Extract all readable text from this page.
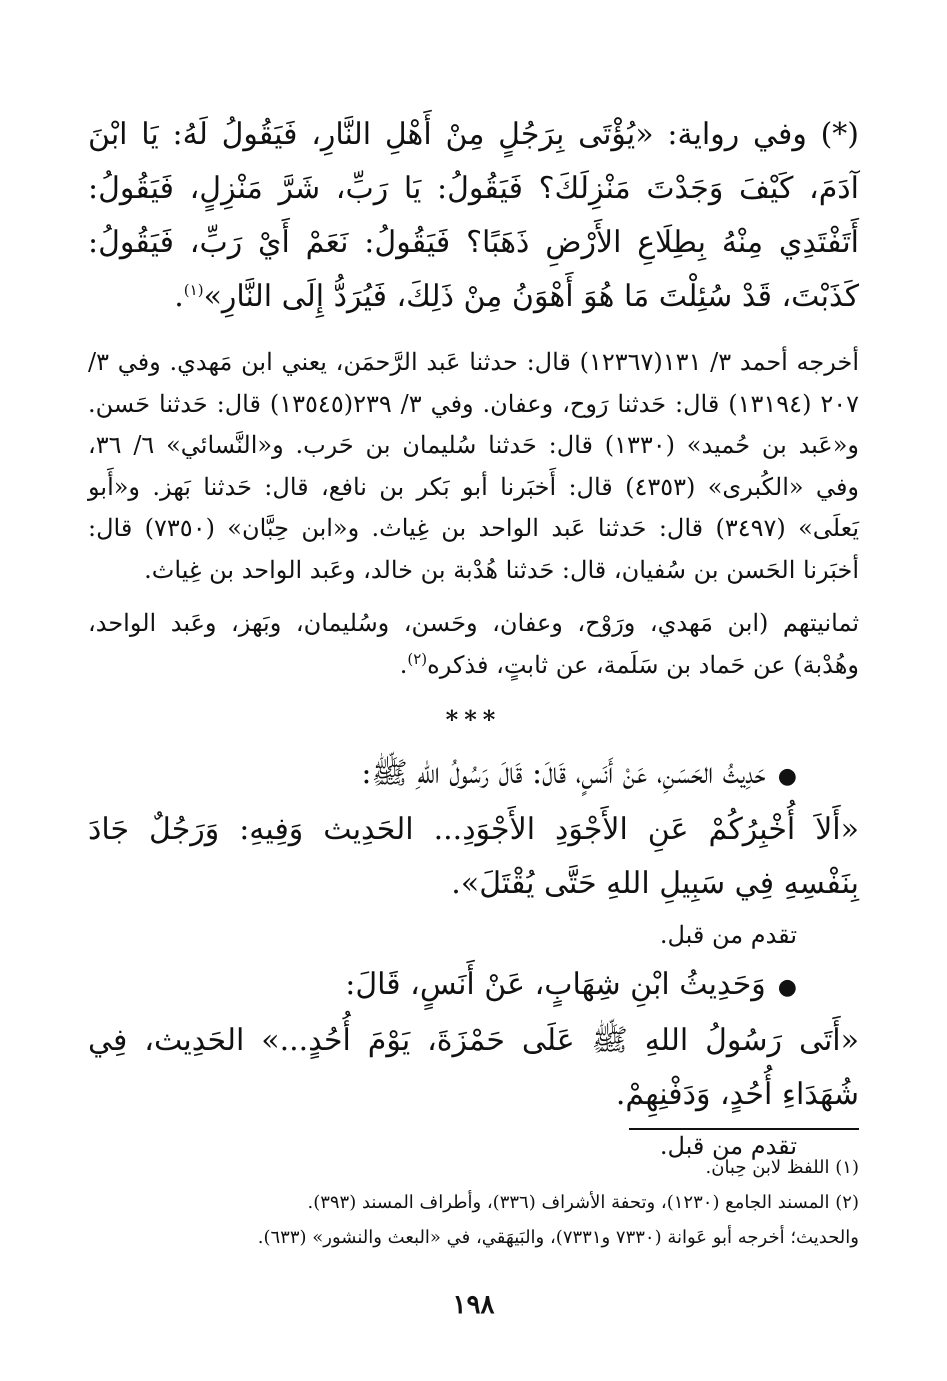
(*) وفي رواية: «يُؤْتَى بِرَجُلٍ مِنْ أَهْلِ النَّارِ، فَيَقُولُ لَهُ: يَا ابْنَ آدَمَ، كَيْفَ وَجَدْتَ مَنْزِلَكَ؟ فَيَقُولُ: يَا رَبِّ، شَرَّ مَنْزِلٍ، فَيَقُولُ: أَتَفْتَدِي مِنْهُ بِطِلَاعِ الأَرْضِ ذَهَبًا؟ فَيَقُولُ: نَعَمْ أَيْ رَبِّ، فَيَقُولُ: كَذَبْتَ، قَدْ سُئِلْتَ مَا هُوَ أَهْوَنُ مِنْ ذَلِكَ، فَيُرَدُّ إِلَى النَّارِ»$^{(١)}$.

أخرجه أحمد ٣/ ١٣١(١٢٣٦٧) قال: حدثنا عَبد الرَّحمَن، يعني ابن مَهدي. وفي ٣/ ٢٠٧ (١٣١٩٤) قال: حَدثنا رَوح، وعفان. وفي ٣/ ٢٣٩(١٣٥٤٥) قال: حَدثنا حَسن. و«عَبد بن حُميد» (١٣٣٠) قال: حَدثنا سُليمان بن حَرب. و«النَّسائي» ٦/ ٣٦، وفي «الكُبرى» (٤٣٥٣) قال: أَخبَرنا أبو بَكر بن نافع، قال: حَدثنا بَهز. و«أَبو يَعلَى» (٣٤٩٧) قال: حَدثنا عَبد الواحد بن غِياث. و«ابن حِبَّان» (٧٣٥٠) قال: أخبَرنا الحَسن بن سُفيان، قال: حَدثنا هُدْبة بن خالد، وعَبد الواحد بن غِياث.

ثمانيتهم (ابن مَهدي، ورَوْح، وعفان، وحَسن، وسُليمان، وبَهز، وعَبد الواحد، وهُدْبة) عن حَماد بن سَلَمة، عن ثابتٍ، فذكره$^{(٢)}$.

***
●حَدِيثُ الحَسَنِ، عَنْ أَنَسٍ، قَالَ: قَالَ رَسُولُ اللهِ ﷺ:
«أَلاَ أُخْبِرُكُمْ عَنِ الأَجْوَدِ الأَجْوَدِ... الحَدِيث وَفِيهِ: وَرَجُلٌ جَادَ بِنَفْسِهِ فِي سَبِيلِ اللهِ حَتَّى يُقْتَلَ».
تقدم من قبل.
●وَحَدِيثُ ابْنِ شِهَابٍ، عَنْ أَنَسٍ، قَالَ:
«أَتَى رَسُولُ اللهِ ﷺ عَلَى حَمْزَةَ، يَوْمَ أُحُدٍ...» الحَدِيث، فِي شُهَدَاءِ أُحُدٍ، وَدَفْنِهِمْ.
تقدم من قبل.

(١) اللفظ لابن حِبان.

(٢) المسند الجامع (١٢٣٠)، وتحفة الأشراف (٣٣٦)، وأطراف المسند (٣٩٣).

والحديث؛ أخرجه أبو عَوانة (٧٣٣٠ و٧٣٣١)، والبَيهَقي، في «البعث والنشور» (٦٣٣).

١٩٨
